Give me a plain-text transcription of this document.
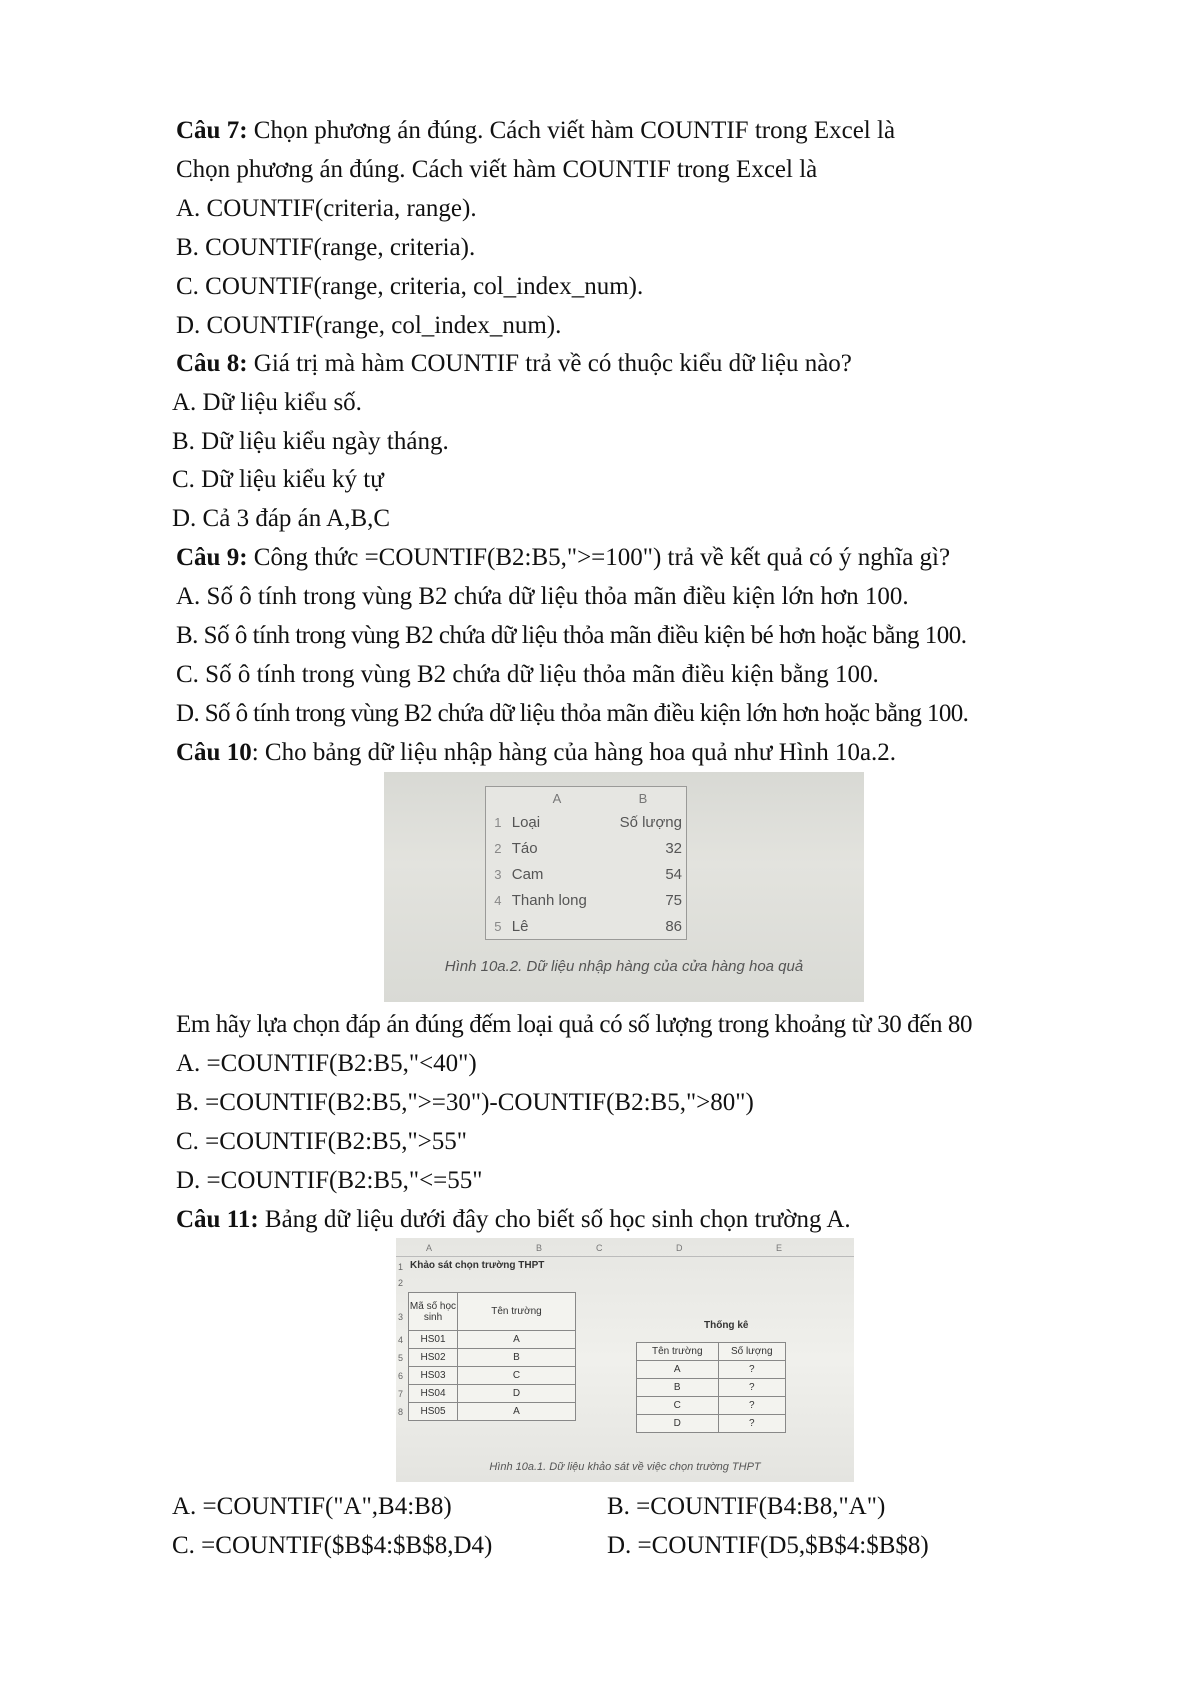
Câu 7: Chọn phương án đúng. Cách viết hàm COUNTIF trong Excel là
Chọn phương án đúng. Cách viết hàm COUNTIF trong Excel là
A. COUNTIF(criteria, range).
B. COUNTIF(range, criteria).
C. COUNTIF(range, criteria, col_index_num).
D. COUNTIF(range, col_index_num).
Câu 8: Giá trị mà hàm COUNTIF trả về có thuộc kiểu dữ liệu nào?
A. Dữ liệu kiểu số.
B. Dữ liệu kiểu ngày tháng.
C. Dữ liệu kiểu ký tự
D. Cả 3 đáp án A,B,C
Câu 9: Công thức =COUNTIF(B2:B5,">=100") trả về kết quả có ý nghĩa gì?
A. Số ô tính trong vùng B2 chứa dữ liệu thỏa mãn điều kiện lớn hơn 100.
B. Số ô tính trong vùng B2 chứa dữ liệu thỏa mãn điều kiện bé hơn hoặc bằng 100.
C. Số ô tính trong vùng B2 chứa dữ liệu thỏa mãn điều kiện bằng 100.
D. Số ô tính trong vùng B2 chứa dữ liệu thỏa mãn điều kiện lớn hơn hoặc bằng 100.
Câu 10: Cho bảng dữ liệu nhập hàng của hàng hoa quả như Hình 10a.2.
A	B
1 Loại	Số lượng
2 Táo	32
3 Cam	54
4 Thanh long	75
5 Lê	86
Hình 10a.2. Dữ liệu nhập hàng của cửa hàng hoa quả
Em hãy lựa chọn đáp án đúng đếm loại quả có số lượng trong khoảng từ 30 đến 80
A. =COUNTIF(B2:B5,"<40")
B. =COUNTIF(B2:B5,">=30")-COUNTIF(B2:B5,">80")
C. =COUNTIF(B2:B5,">55"
D. =COUNTIF(B2:B5,"<=55"
Câu 11: Bảng dữ liệu dưới đây cho biết số học sinh chọn trường A.
A	B	C	D	E
1 Khảo sát chọn trường THPT
2
3
4
5
6
7
8
Mã số học sinh	Tên trường
HS01	A
HS02	B
HS03	C
HS04	D
HS05	A
Thống kê
Tên trường	Số lượng
A	?
B	?
C	?
D	?
Hình 10a.1. Dữ liệu khảo sát về việc chọn trường THPT
A. =COUNTIF("A",B4:B8)	B. =COUNTIF(B4:B8,"A")
C. =COUNTIF($B$4:$B$8,D4)	D. =COUNTIF(D5,$B$4:$B$8)
